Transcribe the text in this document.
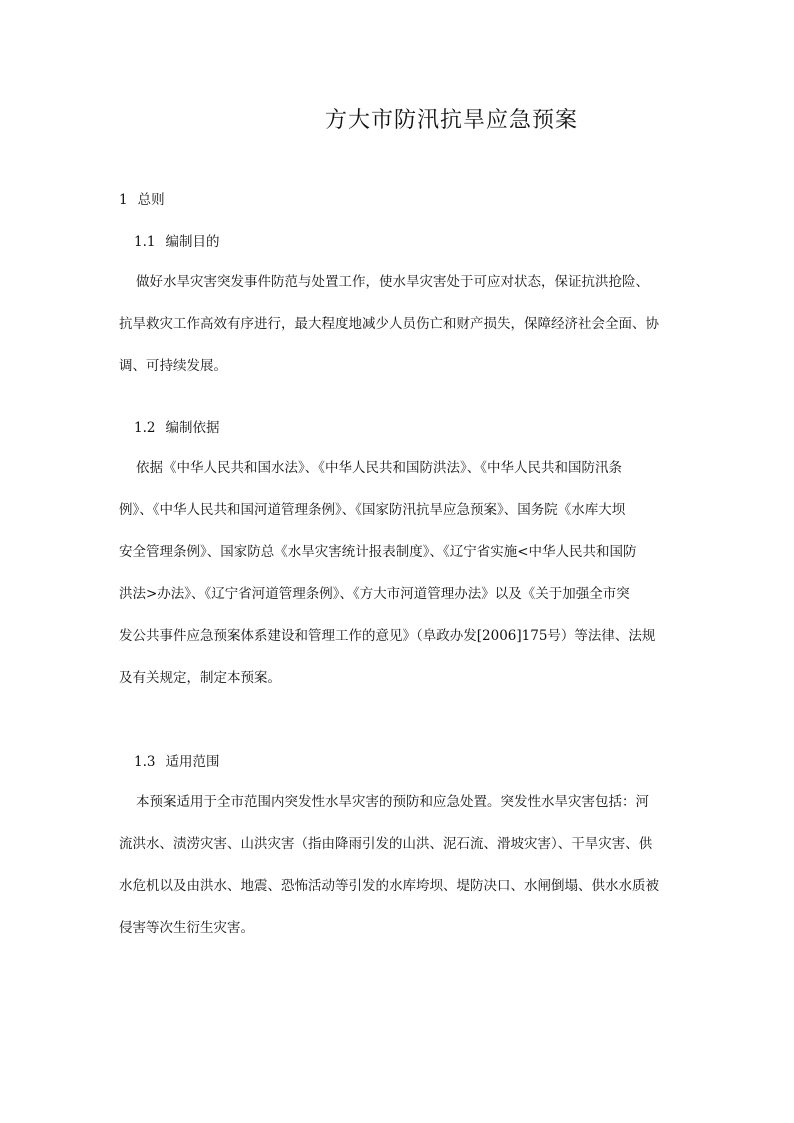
方大市防汛抗旱应急预案
1 总则
1.1 编制目的
做好水旱灾害突发事件防范与处置工作，使水旱灾害处于可应对状态，保证抗洪抢险、
抗旱救灾工作高效有序进行，最大程度地减少人员伤亡和财产损失，保障经济社会全面、协
调、可持续发展。
1.2 编制依据
依据《中华人民共和国水法》、《中华人民共和国防洪法》、《中华人民共和国防汛条
例》、《中华人民共和国河道管理条例》、《国家防汛抗旱应急预案》、国务院《水库大坝
安全管理条例》、国家防总《水旱灾害统计报表制度》、《辽宁省实施<中华人民共和国防
洪法>办法》、《辽宁省河道管理条例》、《方大市河道管理办法》以及《关于加强全市突
发公共事件应急预案体系建设和管理工作的意见》（阜政办发[2006]175号）等法律、法规
及有关规定，制定本预案。
1.3 适用范围
本预案适用于全市范围内突发性水旱灾害的预防和应急处置。突发性水旱灾害包括：河
流洪水、渍涝灾害、山洪灾害（指由降雨引发的山洪、泥石流、滑坡灾害）、干旱灾害、供
水危机以及由洪水、地震、恐怖活动等引发的水库垮坝、堤防决口、水闸倒塌、供水水质被
侵害等次生衍生灾害。
